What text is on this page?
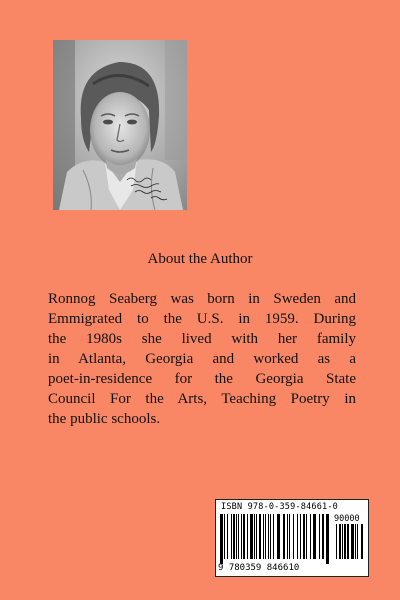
About the Author
Ronnog Seaberg was born in Sweden and
Emmigrated to the U.S. in 1959. During
the 1980s she lived with her family
in Atlanta, Georgia and worked as a
poet-in-residence for the Georgia State
Council For the Arts, Teaching Poetry in
the public schools.
ISBN 978-0-359-84661-0
90000
9 780359 846610
